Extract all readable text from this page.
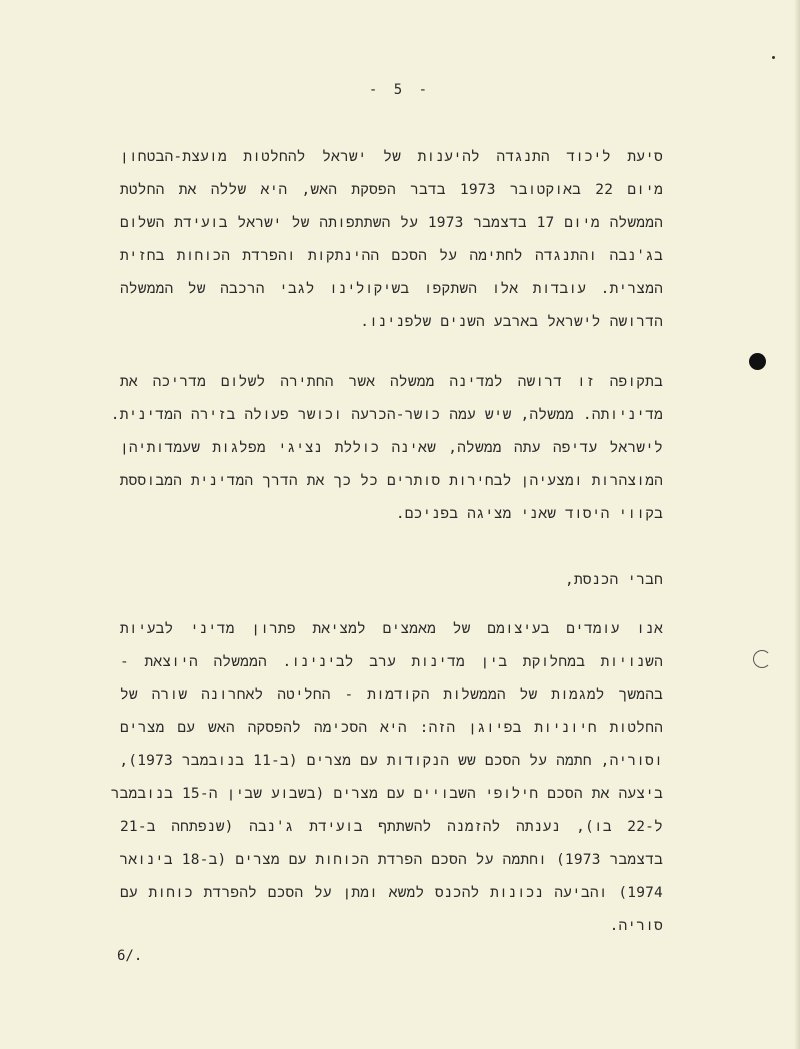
- 5 -
סיעת ליכוד התנגדה להיענות של ישראל להחלטות מועצת-הבטחון
מיום 22 באוקטובר 1973 בדבר הפסקת האש, היא שללה את החלטת
הממשלה מיום 17 בדצמבר 1973 על השתתפותה של ישראל בועידת השלום
בג'נבה והתנגדה לחתימה על הסכם ההינתקות והפרדת הכוחות בחזית
המצרית. עובדות אלו השתקפו בשיקולינו לגבי הרכבה של הממשלה
הדרושה לישראל בארבע השנים שלפנינו.
בתקופה זו דרושה למדינה ממשלה אשר החתירה לשלום מדריכה את
מדיניותה. ממשלה, שיש עמה כושר-הכרעה וכושר פעולה בזירה המדינית.
לישראל עדיפה עתה ממשלה, שאינה כוללת נציגי מפלגות שעמדותיהן
המוצהרות ומצעיהן לבחירות סותרים כל כך את הדרך המדינית המבוססת
בקווי היסוד שאני מציגה בפניכם.
חברי הכנסת,
אנו עומדים בעיצומם של מאמצים למציאת פתרון מדיני לבעיות
השנויות במחלוקת בין מדינות ערב לבינינו. הממשלה היוצאת -
בהמשך למגמות של הממשלות הקודמות - החליטה לאחרונה שורה של
החלטות חיוניות בפיוגן הזה: היא הסכימה להפסקה האש עם מצרים
וסוריה, חתמה על הסכם שש הנקודות עם מצרים (ב-11 בנובמבר 1973),
ביצעה את הסכם חילופי השבויים עם מצרים (בשבוע שבין ה-15 בנובמבר
ל-22 בו), נענתה להזמנה להשתתף בועידת ג'נבה (שנפתחה ב-21
בדצמבר 1973) וחתמה על הסכם הפרדת הכוחות עם מצרים (ב-18 בינואר
1974) והביעה נכונות להכנס למשא ומתן על הסכם להפרדת כוחות עם
סוריה.
6/.
